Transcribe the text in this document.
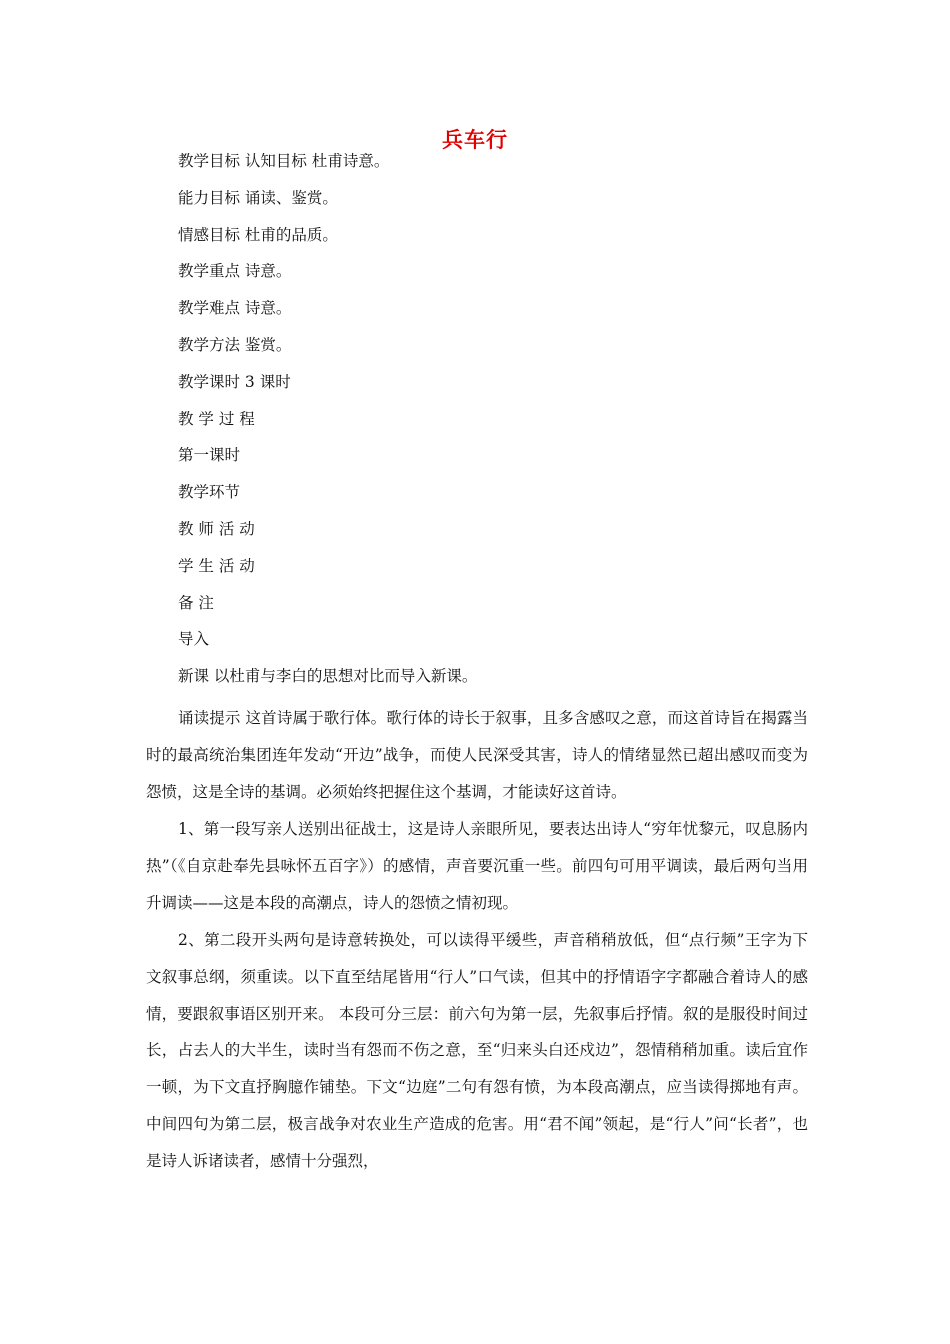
兵车行
教学目标 认知目标 杜甫诗意。
能力目标 诵读、鉴赏。
情感目标 杜甫的品质。
教学重点 诗意。
教学难点 诗意。
教学方法 鉴赏。
教学课时 3 课时
教 学 过 程
第一课时
教学环节
教 师 活 动
学 生 活 动
备 注
导入
新课 以杜甫与李白的思想对比而导入新课。
诵读提示 这首诗属于歌行体。歌行体的诗长于叙事，且多含感叹之意，而这首诗旨在揭露当时的最高统治集团连年发动“开边”战争，而使人民深受其害，诗人的情绪显然已超出感叹而变为怨愤，这是全诗的基调。必须始终把握住这个基调，才能读好这首诗。
1、第一段写亲人送别出征战士，这是诗人亲眼所见，要表达出诗人“穷年忧黎元，叹息肠内热”（《自京赴奉先县咏怀五百字》）的感情，声音要沉重一些。前四句可用平调读，最后两句当用升调读——这是本段的高潮点，诗人的怨愤之情初现。
2、第二段开头两句是诗意转换处，可以读得平缓些，声音稍稍放低，但“点行频”王字为下文叙事总纲，须重读。以下直至结尾皆用“行人”口气读，但其中的抒情语字字都融合着诗人的感情，要跟叙事语区别开来。 本段可分三层：前六句为第一层，先叙事后抒情。叙的是服役时间过长，占去人的大半生，读时当有怨而不伤之意，至“归来头白还戍边”，怨情稍稍加重。读后宜作一顿，为下文直抒胸臆作铺垫。下文“边庭”二句有怨有愤，为本段高潮点，应当读得掷地有声。中间四句为第二层，极言战争对农业生产造成的危害。用“君不闻”领起，是“行人”问“长者”，也是诗人诉诸读者，感情十分强烈，
